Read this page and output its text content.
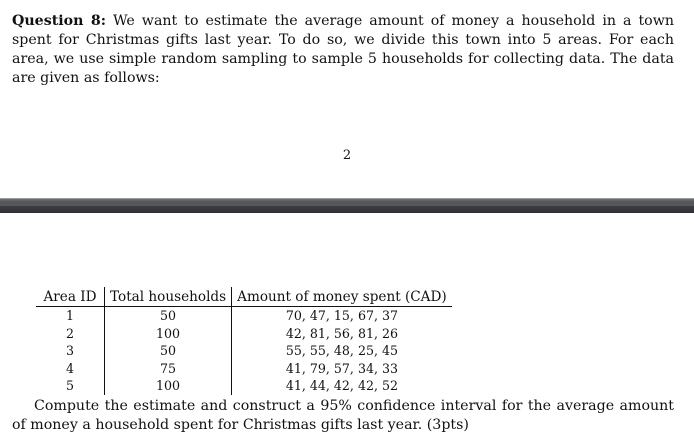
Question 8: We want to estimate the average amount of money a household in a town spent for Christmas gifts last year. To do so, we divide this town into 5 areas. For each area, we use simple random sampling to sample 5 households for collecting data. The data are given as follows:
2
Area ID	Total households	Amount of money spent (CAD)
1	50	70, 47, 15, 67, 37
2	100	42, 81, 56, 81, 26
3	50	55, 55, 48, 25, 45
4	75	41, 79, 57, 34, 33
5	100	41, 44, 42, 42, 52
Compute the estimate and construct a 95% confidence interval for the average amount of money a household spent for Christmas gifts last year. (3pts)
